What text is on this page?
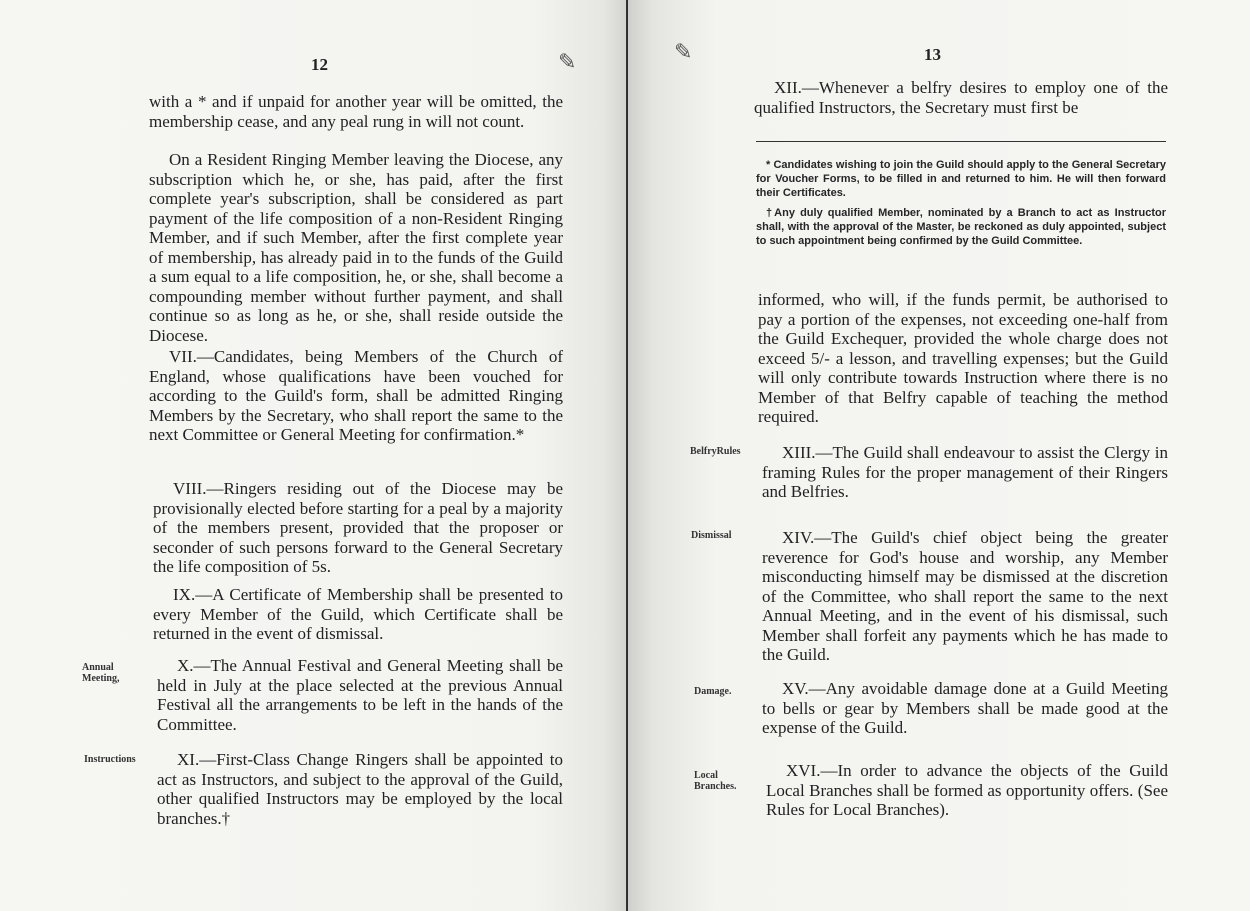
12	✎

with a * and if unpaid for another year will be omitted, the membership cease, and any peal rung in will not count.

On a Resident Ringing Member leaving the Diocese, any subscription which he, or she, has paid, after the first complete year's subscription, shall be considered as part payment of the life composition of a non-Resident Ringing Member, and if such Member, after the first complete year of membership, has already paid in to the funds of the Guild a sum equal to a life composition, he, or she, shall become a compounding member without further payment, and shall continue so as long as he, or she, shall reside outside the Diocese.

VII.—Candidates, being Members of the Church of England, whose qualifications have been vouched for according to the Guild's form, shall be admitted Ringing Members by the Secretary, who shall report the same to the next Committee or General Meeting for confirmation.*

VIII.—Ringers residing out of the Diocese may be provisionally elected before starting for a peal by a majority of the members present, provided that the proposer or seconder of such persons forward to the General Secretary the life composition of 5s.

IX.—A Certificate of Membership shall be presented to every Member of the Guild, which Certificate shall be returned in the event of dismissal.

Annual
Meeting,

X.—The Annual Festival and General Meeting shall be held in July at the place selected at the previous Annual Festival all the arrangements to be left in the hands of the Committee.

Instructions	XI.—First-Class Change Ringers shall be appointed to act as Instructors, and subject to the approval of the Guild, other qualified Instructors may be employed by the local branches.†

✎	13

XII.—Whenever a belfry desires to employ one of the qualified Instructors, the Secretary must first be

* Candidates wishing to join the Guild should apply to the General Secretary for Voucher Forms, to be filled in and returned to him. He will then forward their Certificates.

†Any duly qualified Member, nominated by a Branch to act as Instructor shall, with the approval of the Master, be reckoned as duly appointed, subject to such appointment being confirmed by the Guild Committee.

informed, who will, if the funds permit, be authorised to pay a portion of the expenses, not exceeding one-half from the Guild Exchequer, provided the whole charge does not exceed 5/- a lesson, and travelling expenses; but the Guild will only contribute towards Instruction where there is no Member of that Belfry capable of teaching the method required.

BelfryRules	XIII.—The Guild shall endeavour to assist the Clergy in framing Rules for the proper management of their Ringers and Belfries.

Dismissal	XIV.—The Guild's chief object being the greater reverence for God's house and worship, any Member misconducting himself may be dismissed at the discretion of the Committee, who shall report the same to the next Annual Meeting, and in the event of his dismissal, such Member shall forfeit any payments which he has made to the Guild.

Damage.	XV.—Any avoidable damage done at a Guild Meeting to bells or gear by Members shall be made good at the expense of the Guild.

Local
Branches.

XVI.—In order to advance the objects of the Guild Local Branches shall be formed as opportunity offers. (See Rules for Local Branches).
